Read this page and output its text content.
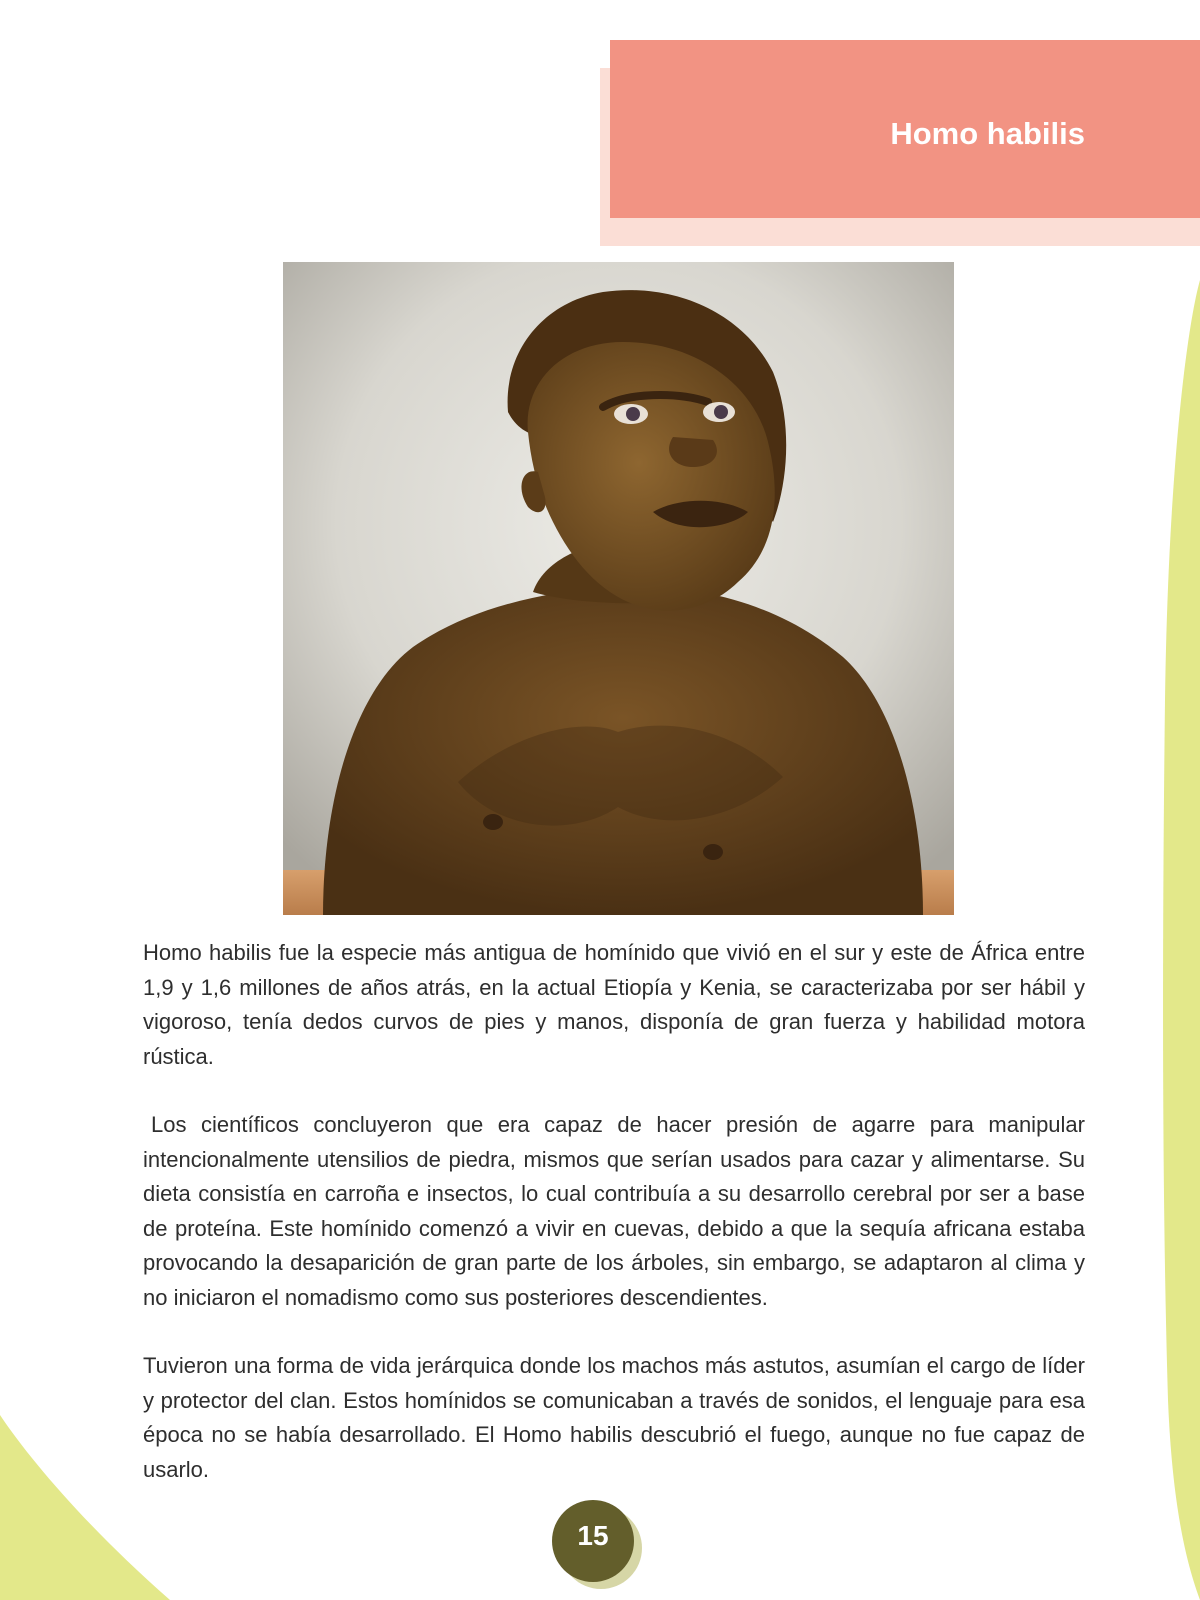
Homo habilis

Homo habilis fue la especie más antigua de homínido que vivió en el sur y este de África entre 1,9 y 1,6 millones de años atrás, en la actual Etiopía y Kenia, se caracterizaba por ser hábil y vigoroso, tenía dedos curvos de pies y manos, disponía de gran fuerza y habilidad motora rústica.

Los científicos concluyeron que era capaz de hacer presión de agarre para manipular intencionalmente utensilios de piedra, mismos que serían usados para cazar y alimentarse. Su dieta consistía en carroña e insectos, lo cual contribuía a su desarrollo cerebral por ser a base de proteína. Este homínido comenzó a vivir en cuevas, debido a que la sequía africana estaba provocando la desaparición de gran parte de los árboles, sin embargo, se adaptaron al clima y no iniciaron el nomadismo como sus posteriores descendientes.

Tuvieron una forma de vida jerárquica donde los machos más astutos, asumían el cargo de líder y protector del clan. Estos homínidos se comunicaban a través de sonidos, el lenguaje para esa época no se había desarrollado. El Homo habilis descubrió el fuego, aunque no fue capaz de usarlo.

15
